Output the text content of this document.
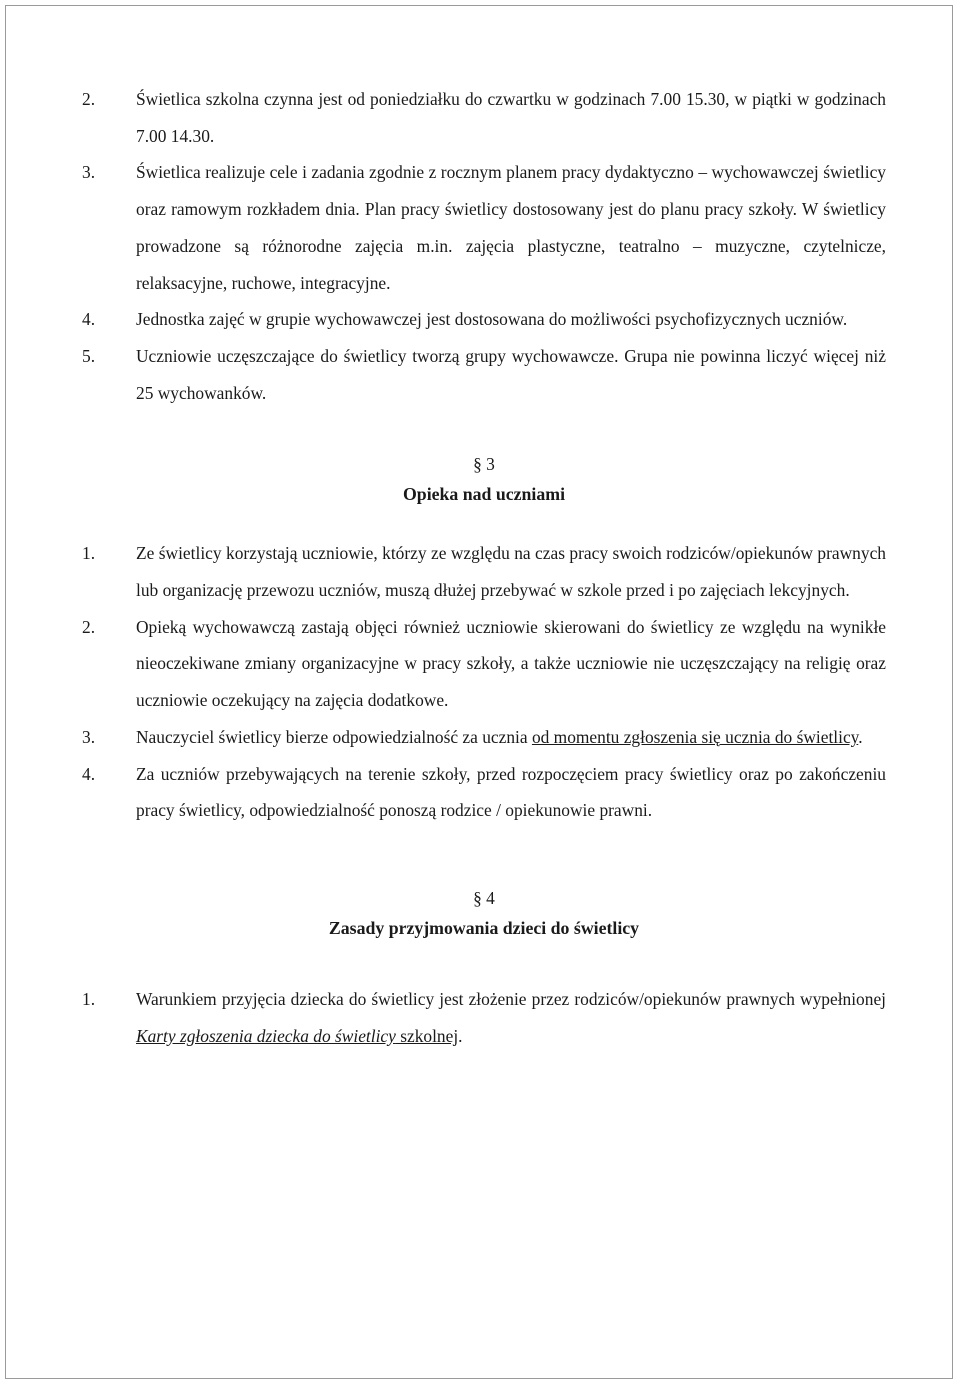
2.	Świetlica szkolna czynna jest od poniedziałku do czwartku w godzinach 7.00 15.30, w piątki w godzinach 7.00 14.30.
3.	Świetlica realizuje cele i zadania zgodnie z rocznym planem pracy dydaktyczno – wychowawczej świetlicy oraz ramowym rozkładem dnia. Plan pracy świetlicy dostosowany jest do planu pracy szkoły. W świetlicy prowadzone są różnorodne zajęcia m.in. zajęcia plastyczne, teatralno – muzyczne, czytelnicze, relaksacyjne, ruchowe, integracyjne.
4.	Jednostka zajęć w grupie wychowawczej jest dostosowana do możliwości psychofizycznych uczniów.
5.	Uczniowie uczęszczające do świetlicy tworzą grupy wychowawcze. Grupa nie powinna liczyć więcej niż 25 wychowanków.
§ 3
Opieka nad uczniami
1.	Ze świetlicy korzystają uczniowie, którzy ze względu na czas pracy swoich rodziców/opiekunów prawnych lub organizację przewozu uczniów, muszą dłużej przebywać w szkole przed i po zajęciach lekcyjnych.
2.	Opieką wychowawczą zastają objęci również uczniowie skierowani do świetlicy ze względu na wynikłe nieoczekiwane zmiany organizacyjne w pracy szkoły, a także uczniowie nie uczęszczający na religię oraz uczniowie oczekujący na zajęcia dodatkowe.
3.	Nauczyciel świetlicy bierze odpowiedzialność za ucznia od momentu zgłoszenia się ucznia do świetlicy.
4.	Za uczniów przebywających na terenie szkoły, przed rozpoczęciem pracy świetlicy oraz po zakończeniu pracy świetlicy, odpowiedzialność ponoszą rodzice / opiekunowie prawni.
§ 4
Zasady przyjmowania dzieci do świetlicy
1.	Warunkiem przyjęcia dziecka do świetlicy jest złożenie przez rodziców/opiekunów prawnych wypełnionej Karty zgłoszenia dziecka do świetlicy szkolnej.
